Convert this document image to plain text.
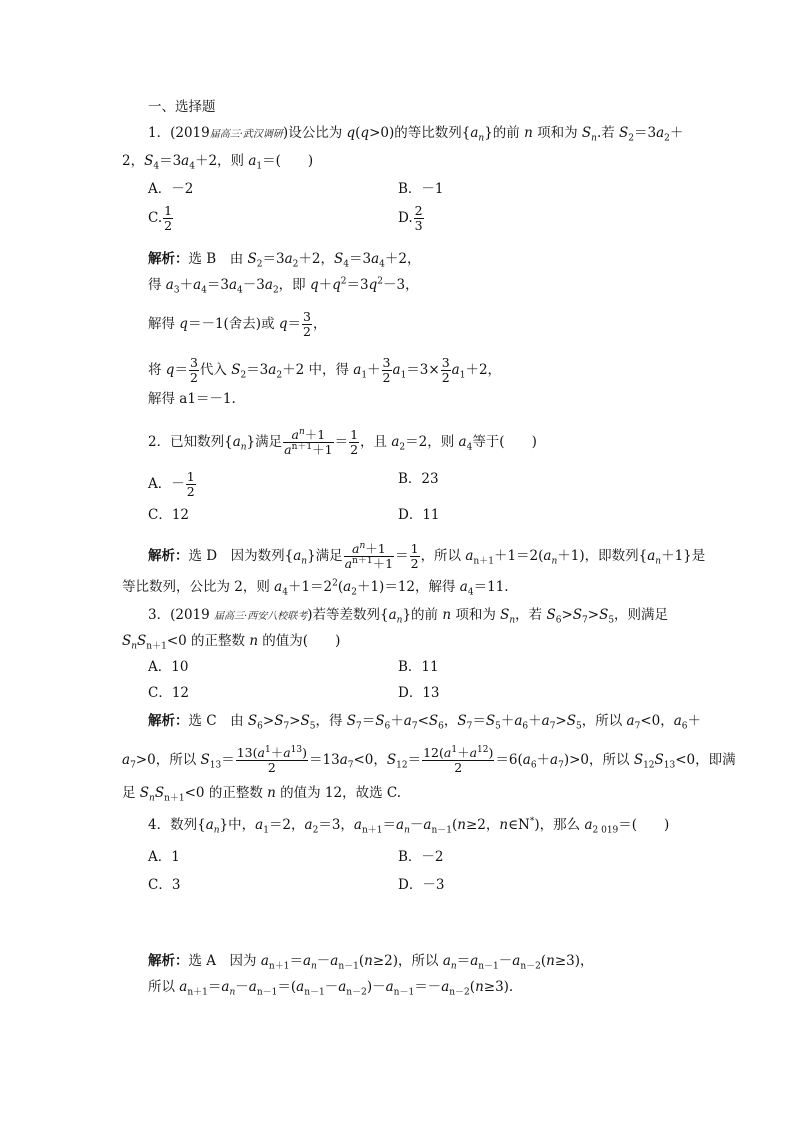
一、选择题
1．(2019届高三·武汉调研)设公比为 q(q>0)的等比数列$\{a_n\}$的前 n 项和为 $S_n$.若 $S_2=3a_2+$
2，$S_4=3a_4+2$，则 $a_1=$(　　)
A．－2	B．－1
C. $\frac{1}{2}$	D. $\frac{2}{3}$
解析：选 B　由 $S_2=3a_2+2$，$S_4=3a_4+2$，
得 $a_3+a_4=3a_4-3a_2$，即 $q+q^2=3q^2-3$，
解得 q＝－1(舍去)或 $q= \frac{3}{2}$ ，
将 $q= \frac{3}{2}$ 代入 $S_2=3a_2+2$ 中，得 $a_1+ \frac{3}{2} a_1=3\times \frac{3}{2} a_1+2$，
解得 a1＝－1.
2．已知数列$\{a_n\}$满足 $\frac{a^n+1}{a^{n+1}+1} = \frac{1}{2}$ ，且 $a_2=2$，则 $a_4$等于(　　)
A．－ $\frac{1}{2}$	B．23
C．12	D．11
解析：选 D　因为数列$\{a_n\}$满足 $\frac{a^n+1}{a^{n+1}+1} = \frac{1}{2}$ ，所以 $a_{n+1}+1=2(a_n+1)$，即数列$\{a_n+1\}$是
等比数列，公比为 2，则 $a_4+1=2^2(a_2+1)=12$，解得 $a_4=11$.
3．(2019 届高三·西安八校联考)若等差数列$\{a_n\}$的前 n 项和为 $S_n$，若 $S_6>S_7>S_5$，则满足
$S_nS_{n+1}<0$ 的正整数 n 的值为(　　)
A．10	B．11
C．12	D．13
解析：选 C　由 $S_6>S_7>S_5$，得 $S_7=S_6+a_7<S_6$，$S_7=S_5+a_6+a_7>S_5$，所以 $a_7<0$，$a_6+$
$a_7>0$，所以 $S_{13}= \frac{13(a^1+a^{13})}{2} =13a_7<0$，$S_{12}= \frac{12(a^1+a^{12})}{2} =6(a_6+a_7)>0$，所以 $S_{12}S_{13}<0$，即满
足 $S_nS_{n+1}<0$ 的正整数 n 的值为 12，故选 C.
4．数列$\{a_n\}$中，$a_1=2$，$a_2=3$，$a_{n+1}=a_n-a_{n-1}(n\ge 2$，n∈N*)，那么 $a_{2 019}=$(　　)
A．1	B．－2
C．3	D．－3
解析：选 A　因为 $a_{n+1}=a_n-a_{n-1}(n\ge 2)$，所以 $a_n=a_{n-1}-a_{n-2}(n\ge 3)$，
所以 $a_{n+1}=a_n-a_{n-1}=(a_{n-1}-a_{n-2})-a_{n-1}=-a_{n-2}(n\ge 3)$.
